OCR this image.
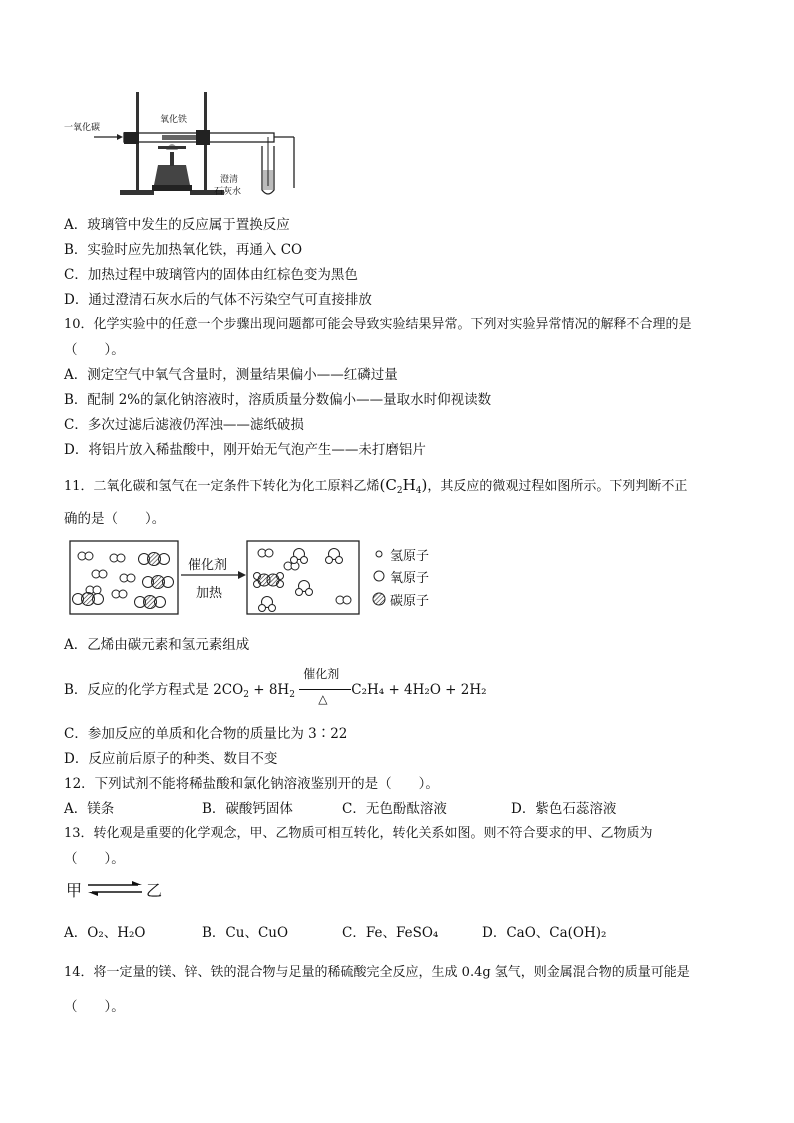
一氧化碳
氧化铁
澄清
石灰水
A．玻璃管中发生的反应属于置换反应
B．实验时应先加热氧化铁，再通入 CO
C．加热过程中玻璃管内的固体由红棕色变为黑色
D．通过澄清石灰水后的气体不污染空气可直接排放
10．化学实验中的任意一个步骤出现问题都可能会导致实验结果异常。下列对实验异常情况的解释不合理的是
（　　）。
A．测定空气中氧气含量时，测量结果偏小——红磷过量
B．配制 2%的氯化钠溶液时，溶质质量分数偏小——量取水时仰视读数
C．多次过滤后滤液仍浑浊——滤纸破损
D．将铝片放入稀盐酸中，刚开始无气泡产生——未打磨铝片
11．二氧化碳和氢气在一定条件下转化为化工原料乙烯$(C_2H_4)$，其反应的微观过程如图所示。下列判断不正
确的是（　　）。
催化剂
加热
氢原子
氧原子
碳原子
A．乙烯由碳元素和氢元素组成
B．反应的化学方程式是 $2CO_2 + 8H_2$
催化剂
△
C₂H₄ + 4H₂O + 2H₂
C．参加反应的单质和化合物的质量比为 3∶22
D．反应前后原子的种类、数目不变
12．下列试剂不能将稀盐酸和氯化钠溶液鉴别开的是（　　）。
A．镁条	B．碳酸钙固体	C．无色酚酞溶液	D．紫色石蕊溶液
13．转化观是重要的化学观念，甲、乙物质可相互转化，转化关系如图。则不符合要求的甲、乙物质为
（　　）。
甲	乙
A．O₂、H₂O	B．Cu、CuO	C．Fe、FeSO₄	D．CaO、Ca(OH)₂
14．将一定量的镁、锌、铁的混合物与足量的稀硫酸完全反应，生成 0.4g 氢气，则金属混合物的质量可能是
（　　）。
